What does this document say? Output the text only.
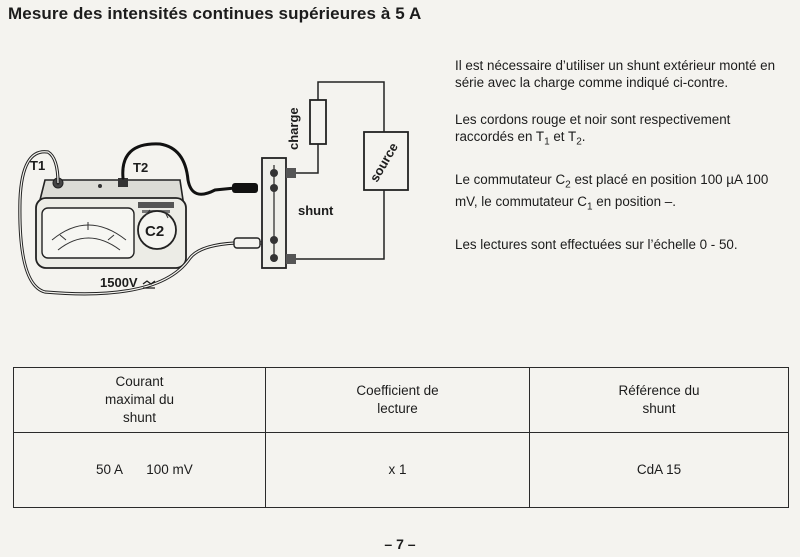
Mesure des intensités continues supérieures à 5 A
C2
T1	T2
1500V
shunt
charge
source

Il est nécessaire d’utiliser un shunt extérieur monté en série avec la charge comme indiqué ci-contre.

Les cordons rouge et noir sont respectivement raccordés en $T_1$ et $T_2$.

Le commutateur $C_2$ est placé en position 100 µA 100 mV, le commutateur $C_1$ en position –.

Les lectures sont effectuées sur l’échelle 0 - 50.

Courant maximal du shunt	Coefficient de lecture	Référence du shunt
50 A 100 mV	x 1	CdA 15
– 7 –
